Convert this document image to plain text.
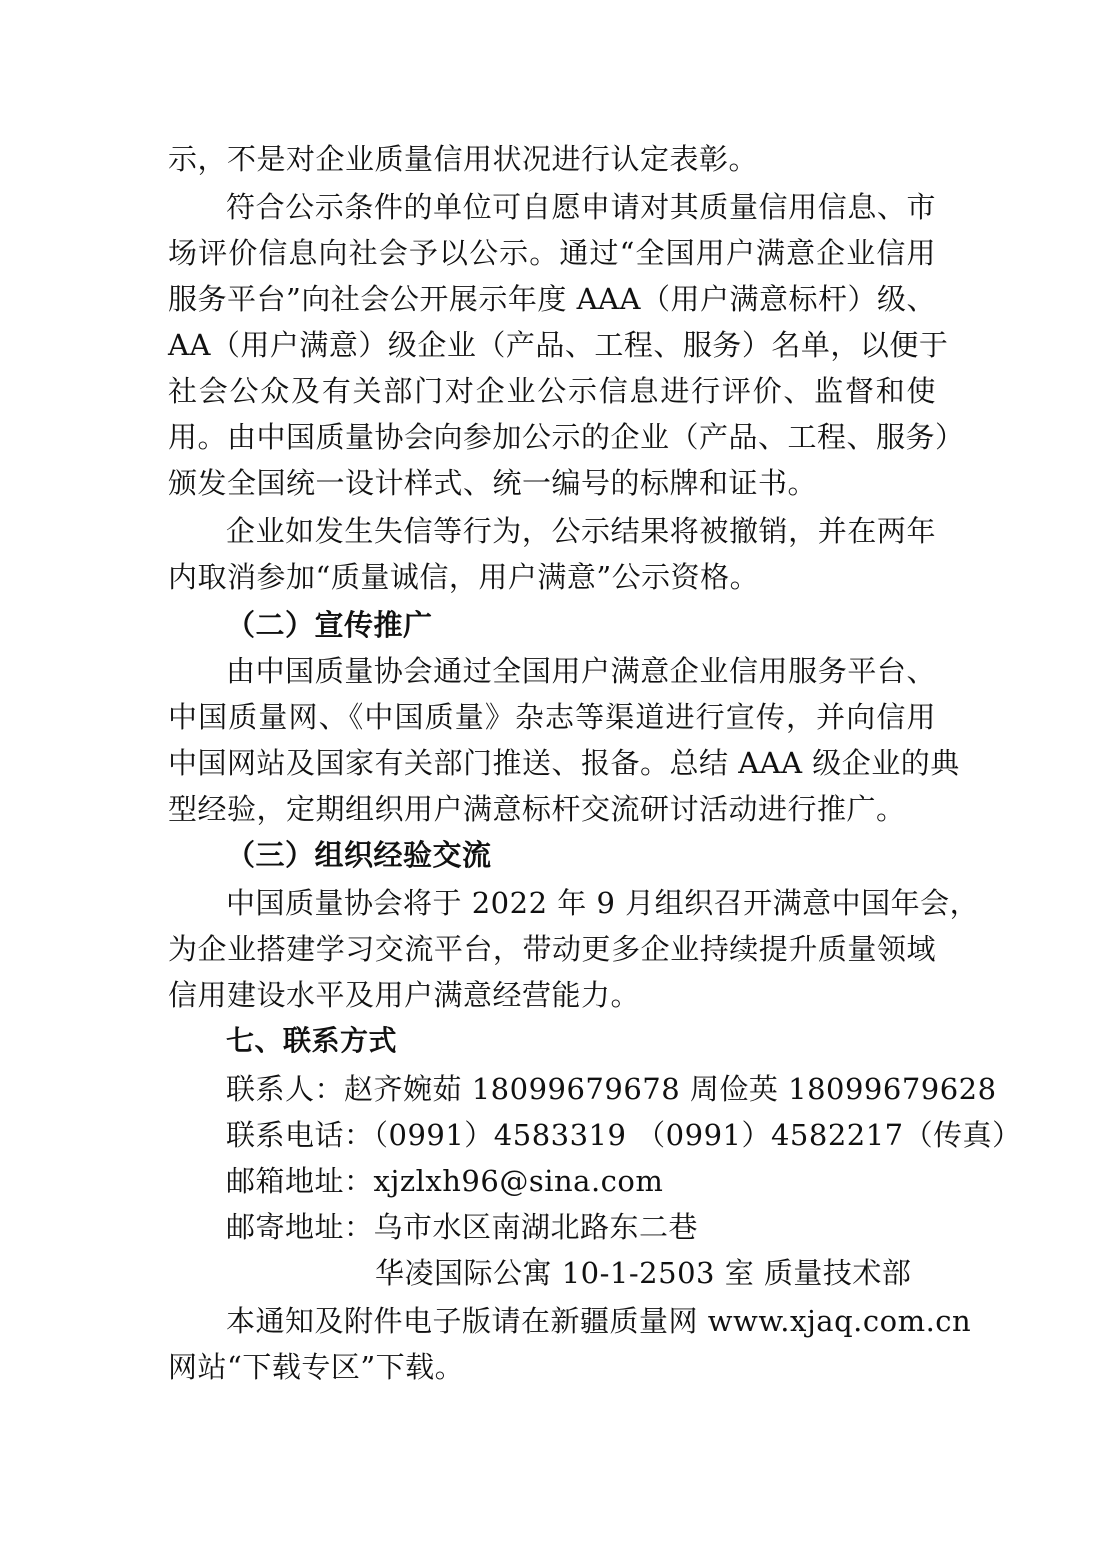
示，不是对企业质量信用状况进行认定表彰。
符合公示条件的单位可自愿申请对其质量信用信息、市
场评价信息向社会予以公示。通过“全国用户满意企业信用
服务平台”向社会公开展示年度 AAA（用户满意标杆）级、
AA（用户满意）级企业（产品、工程、服务）名单，以便于
社会公众及有关部门对企业公示信息进行评价、监督和使
用。由中国质量协会向参加公示的企业（产品、工程、服务）
颁发全国统一设计样式、统一编号的标牌和证书。
企业如发生失信等行为，公示结果将被撤销，并在两年
内取消参加“质量诚信，用户满意”公示资格。
（二）宣传推广
由中国质量协会通过全国用户满意企业信用服务平台、
中国质量网、《中国质量》杂志等渠道进行宣传，并向信用
中国网站及国家有关部门推送、报备。总结 AAA 级企业的典
型经验，定期组织用户满意标杆交流研讨活动进行推广。
（三）组织经验交流
中国质量协会将于 2022 年 9 月组织召开满意中国年会，
为企业搭建学习交流平台，带动更多企业持续提升质量领域
信用建设水平及用户满意经营能力。
七、联系方式
联系人：赵齐婉茹 18099679678 周俭英 18099679628
联系电话：（0991）4583319 （0991）4582217（传真）
邮箱地址：xjzlxh96@sina.com
邮寄地址：乌市水区南湖北路东二巷
华凌国际公寓 10-1-2503 室 质量技术部
本通知及附件电子版请在新疆质量网 www.xjaq.com.cn
网站“下载专区”下载。
